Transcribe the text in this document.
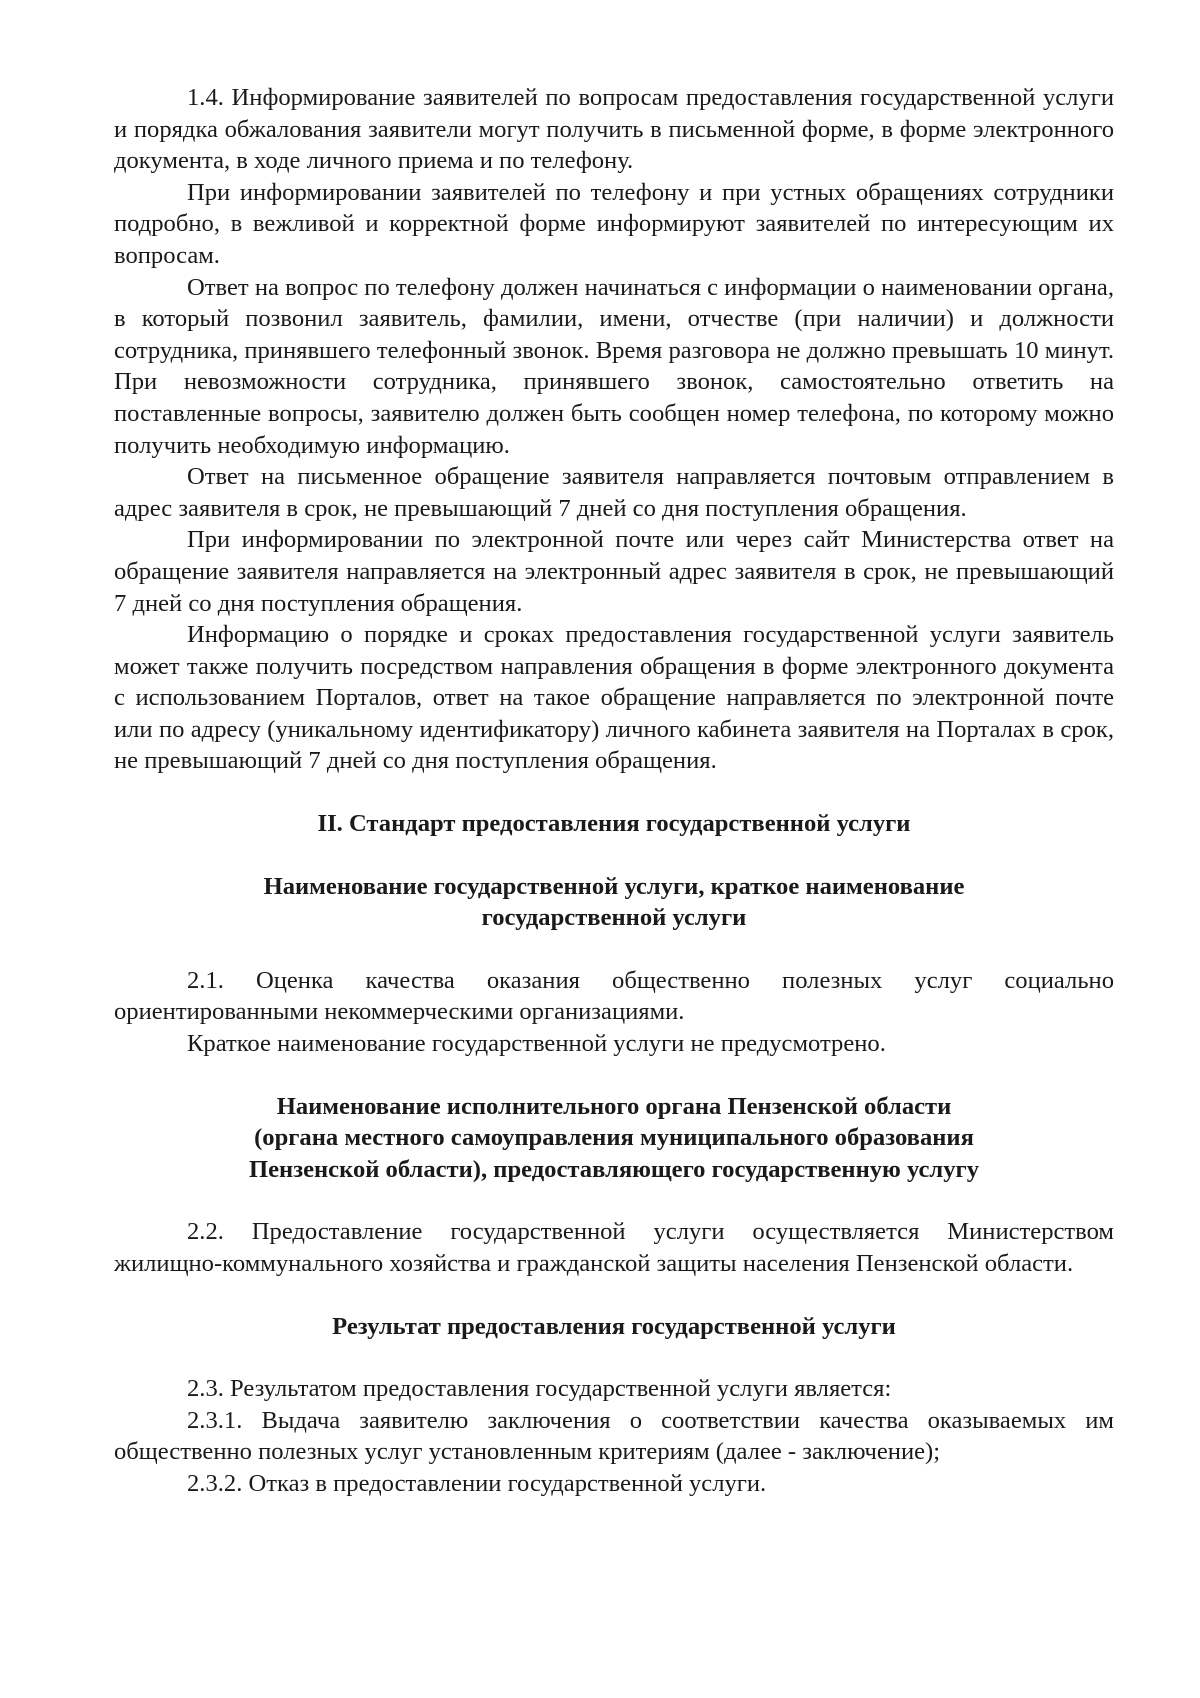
1.4. Информирование заявителей по вопросам предоставления государственной услуги и порядка обжалования заявители могут получить в письменной форме, в форме электронного документа, в ходе личного приема и по телефону.

При информировании заявителей по телефону и при устных обращениях сотрудники подробно, в вежливой и корректной форме информируют заявителей по интересующим их вопросам.

Ответ на вопрос по телефону должен начинаться с информации о наименовании органа, в который позвонил заявитель, фамилии, имени, отчестве (при наличии) и должности сотрудника, принявшего телефонный звонок. Время разговора не должно превышать 10 минут. При невозможности сотрудника, принявшего звонок, самостоятельно ответить на поставленные вопросы, заявителю должен быть сообщен номер телефона, по которому можно получить необходимую информацию.

Ответ на письменное обращение заявителя направляется почтовым отправлением в адрес заявителя в срок, не превышающий 7 дней со дня поступления обращения.

При информировании по электронной почте или через сайт Министерства ответ на обращение заявителя направляется на электронный адрес заявителя в срок, не превышающий 7 дней со дня поступления обращения.

Информацию о порядке и сроках предоставления государственной услуги заявитель может также получить посредством направления обращения в форме электронного документа с использованием Порталов, ответ на такое обращение направляется по электронной почте или по адресу (уникальному идентификатору) личного кабинета заявителя на Порталах в срок, не превышающий 7 дней со дня поступления обращения.

II. Стандарт предоставления государственной услуги

Наименование государственной услуги, краткое наименование

государственной услуги

2.1. Оценка качества оказания общественно полезных услуг социально ориентированными некоммерческими организациями.

Краткое наименование государственной услуги не предусмотрено.

Наименование исполнительного органа Пензенской области

(органа местного самоуправления муниципального образования

Пензенской области), предоставляющего государственную услугу

2.2. Предоставление государственной услуги осуществляется Министерством жилищно-коммунального хозяйства и гражданской защиты населения Пензенской области.

Результат предоставления государственной услуги

2.3. Результатом предоставления государственной услуги является:

2.3.1. Выдача заявителю заключения о соответствии качества оказываемых им общественно полезных услуг установленным критериям (далее - заключение);

2.3.2. Отказ в предоставлении государственной услуги.
